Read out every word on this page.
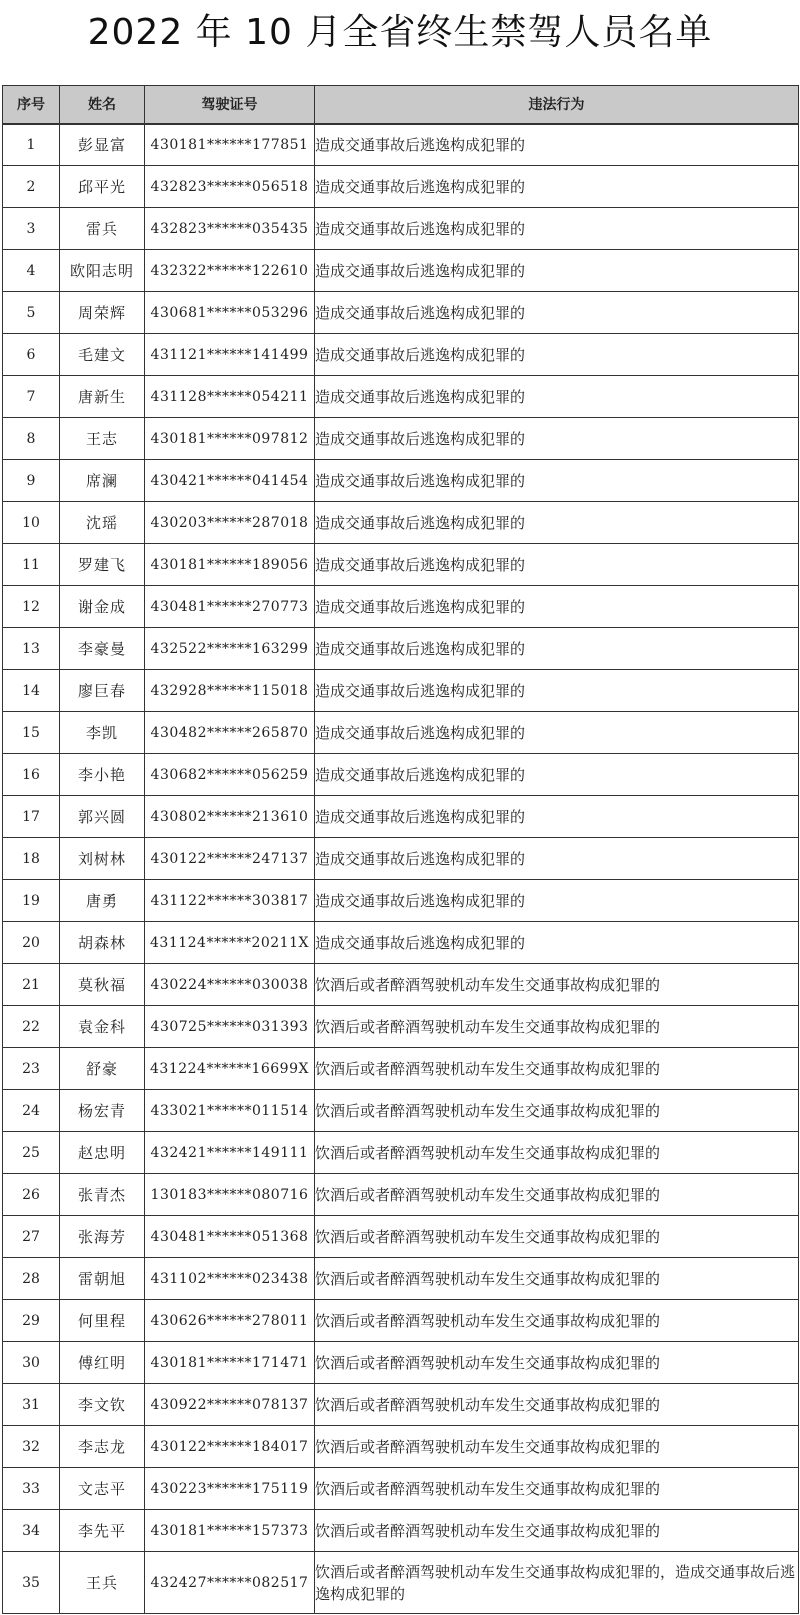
2022 年 10 月全省终生禁驾人员名单
序号	姓名	驾驶证号	违法行为
1	彭显富	430181******177851	造成交通事故后逃逸构成犯罪的
2	邱平光	432823******056518	造成交通事故后逃逸构成犯罪的
3	雷兵	432823******035435	造成交通事故后逃逸构成犯罪的
4	欧阳志明	432322******122610	造成交通事故后逃逸构成犯罪的
5	周荣辉	430681******053296	造成交通事故后逃逸构成犯罪的
6	毛建文	431121******141499	造成交通事故后逃逸构成犯罪的
7	唐新生	431128******054211	造成交通事故后逃逸构成犯罪的
8	王志	430181******097812	造成交通事故后逃逸构成犯罪的
9	席澜	430421******041454	造成交通事故后逃逸构成犯罪的
10	沈瑶	430203******287018	造成交通事故后逃逸构成犯罪的
11	罗建飞	430181******189056	造成交通事故后逃逸构成犯罪的
12	谢金成	430481******270773	造成交通事故后逃逸构成犯罪的
13	李豪曼	432522******163299	造成交通事故后逃逸构成犯罪的
14	廖巨春	432928******115018	造成交通事故后逃逸构成犯罪的
15	李凯	430482******265870	造成交通事故后逃逸构成犯罪的
16	李小艳	430682******056259	造成交通事故后逃逸构成犯罪的
17	郭兴圆	430802******213610	造成交通事故后逃逸构成犯罪的
18	刘树林	430122******247137	造成交通事故后逃逸构成犯罪的
19	唐勇	431122******303817	造成交通事故后逃逸构成犯罪的
20	胡森林	431124******20211X	造成交通事故后逃逸构成犯罪的
21	莫秋福	430224******030038	饮酒后或者醉酒驾驶机动车发生交通事故构成犯罪的
22	袁金科	430725******031393	饮酒后或者醉酒驾驶机动车发生交通事故构成犯罪的
23	舒豪	431224******16699X	饮酒后或者醉酒驾驶机动车发生交通事故构成犯罪的
24	杨宏青	433021******011514	饮酒后或者醉酒驾驶机动车发生交通事故构成犯罪的
25	赵忠明	432421******149111	饮酒后或者醉酒驾驶机动车发生交通事故构成犯罪的
26	张青杰	130183******080716	饮酒后或者醉酒驾驶机动车发生交通事故构成犯罪的
27	张海芳	430481******051368	饮酒后或者醉酒驾驶机动车发生交通事故构成犯罪的
28	雷朝旭	431102******023438	饮酒后或者醉酒驾驶机动车发生交通事故构成犯罪的
29	何里程	430626******278011	饮酒后或者醉酒驾驶机动车发生交通事故构成犯罪的
30	傅红明	430181******171471	饮酒后或者醉酒驾驶机动车发生交通事故构成犯罪的
31	李文钦	430922******078137	饮酒后或者醉酒驾驶机动车发生交通事故构成犯罪的
32	李志龙	430122******184017	饮酒后或者醉酒驾驶机动车发生交通事故构成犯罪的
33	文志平	430223******175119	饮酒后或者醉酒驾驶机动车发生交通事故构成犯罪的
34	李先平	430181******157373	饮酒后或者醉酒驾驶机动车发生交通事故构成犯罪的
35	王兵	432427******082517	饮酒后或者醉酒驾驶机动车发生交通事故构成犯罪的，造成交通事故后逃逸构成犯罪的
